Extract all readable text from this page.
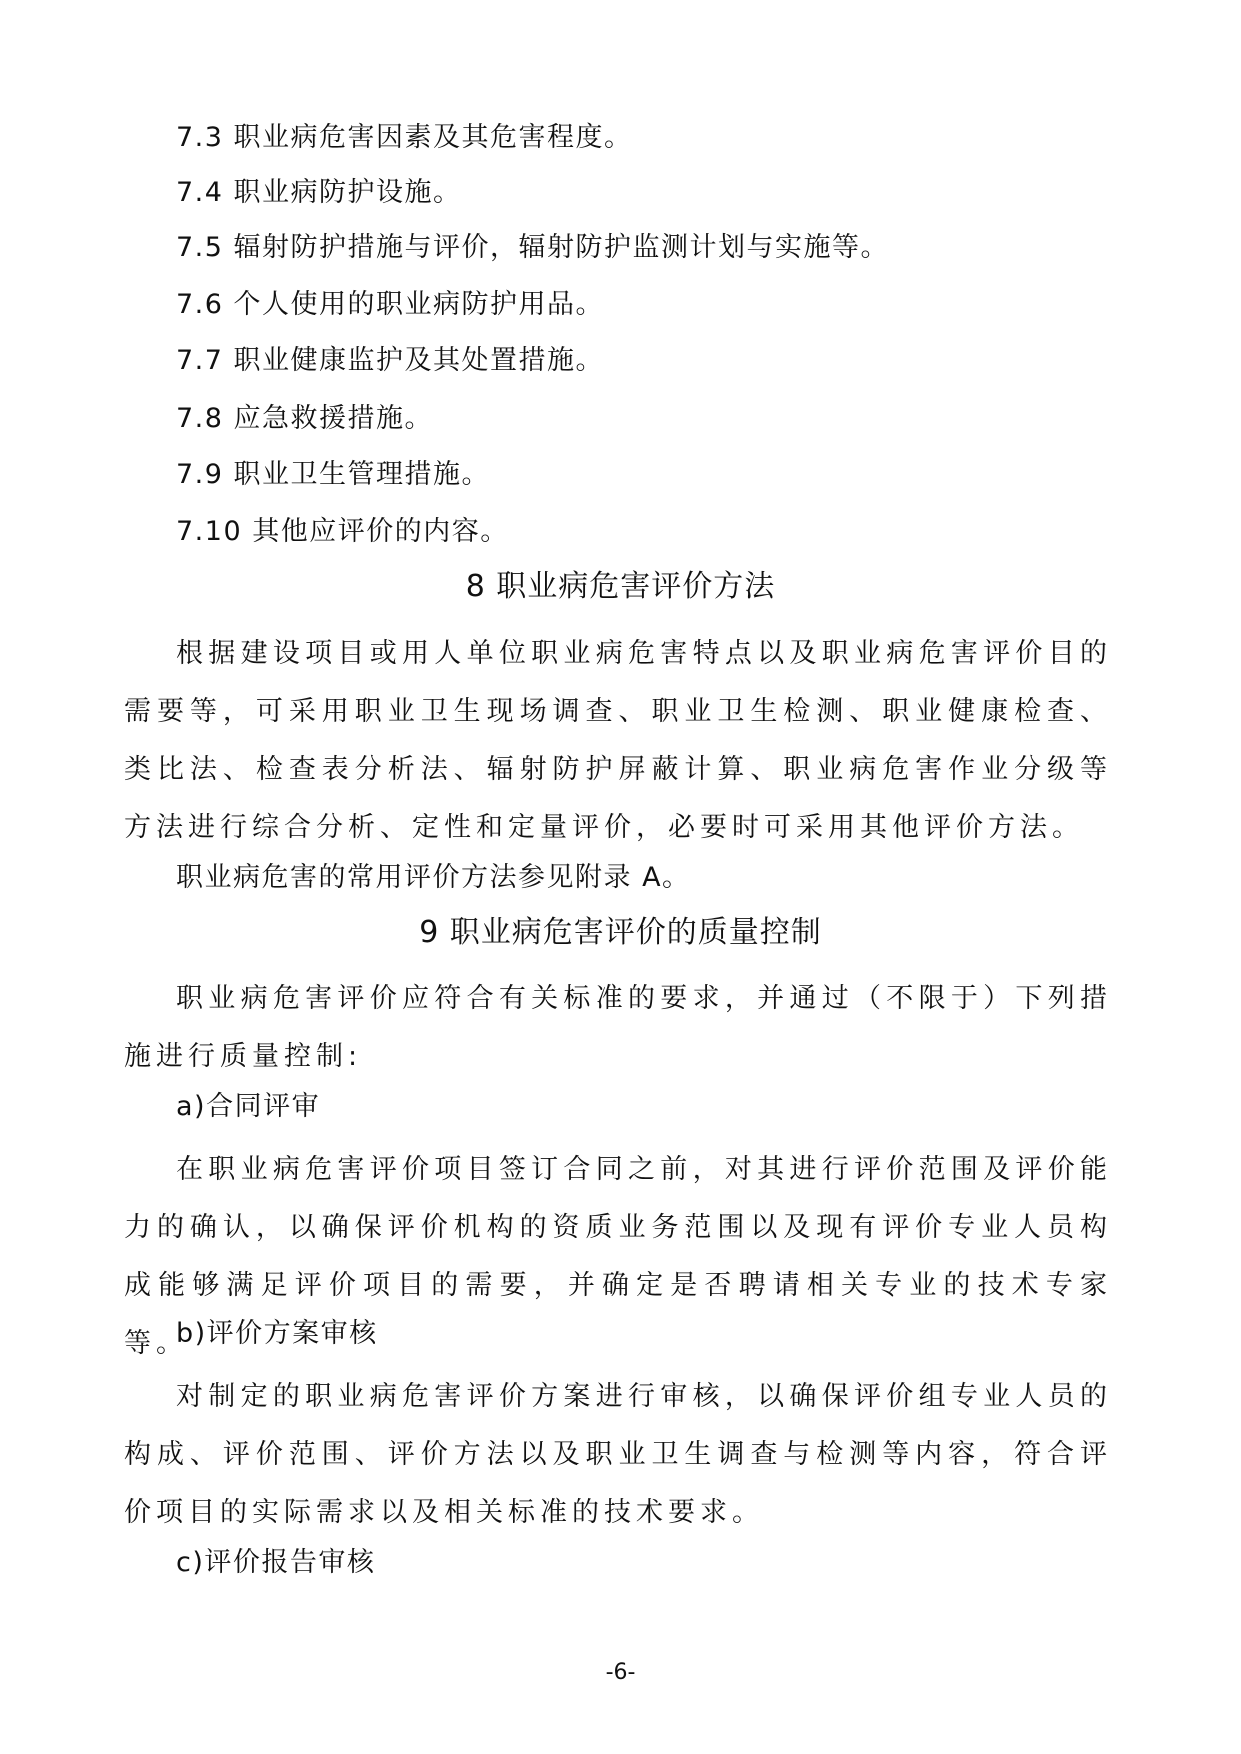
7.3 职业病危害因素及其危害程度。
7.4 职业病防护设施。
7.5 辐射防护措施与评价，辐射防护监测计划与实施等。
7.6 个人使用的职业病防护用品。
7.7 职业健康监护及其处置措施。
7.8 应急救援措施。
7.9 职业卫生管理措施。
7.10 其他应评价的内容。
8 职业病危害评价方法
根据建设项目或用人单位职业病危害特点以及职业病危害评价目的需要等，可采用职业卫生现场调查、职业卫生检测、职业健康检查、类比法、检查表分析法、辐射防护屏蔽计算、职业病危害作业分级等方法进行综合分析、定性和定量评价，必要时可采用其他评价方法。
职业病危害的常用评价方法参见附录 A。
9 职业病危害评价的质量控制
职业病危害评价应符合有关标准的要求，并通过（不限于）下列措施进行质量控制:
a)合同评审
在职业病危害评价项目签订合同之前，对其进行评价范围及评价能力的确认，以确保评价机构的资质业务范围以及现有评价专业人员构成能够满足评价项目的需要，并确定是否聘请相关专业的技术专家等。
b)评价方案审核
对制定的职业病危害评价方案进行审核，以确保评价组专业人员的构成、评价范围、评价方法以及职业卫生调查与检测等内容，符合评价项目的实际需求以及相关标准的技术要求。
c)评价报告审核
-6-
